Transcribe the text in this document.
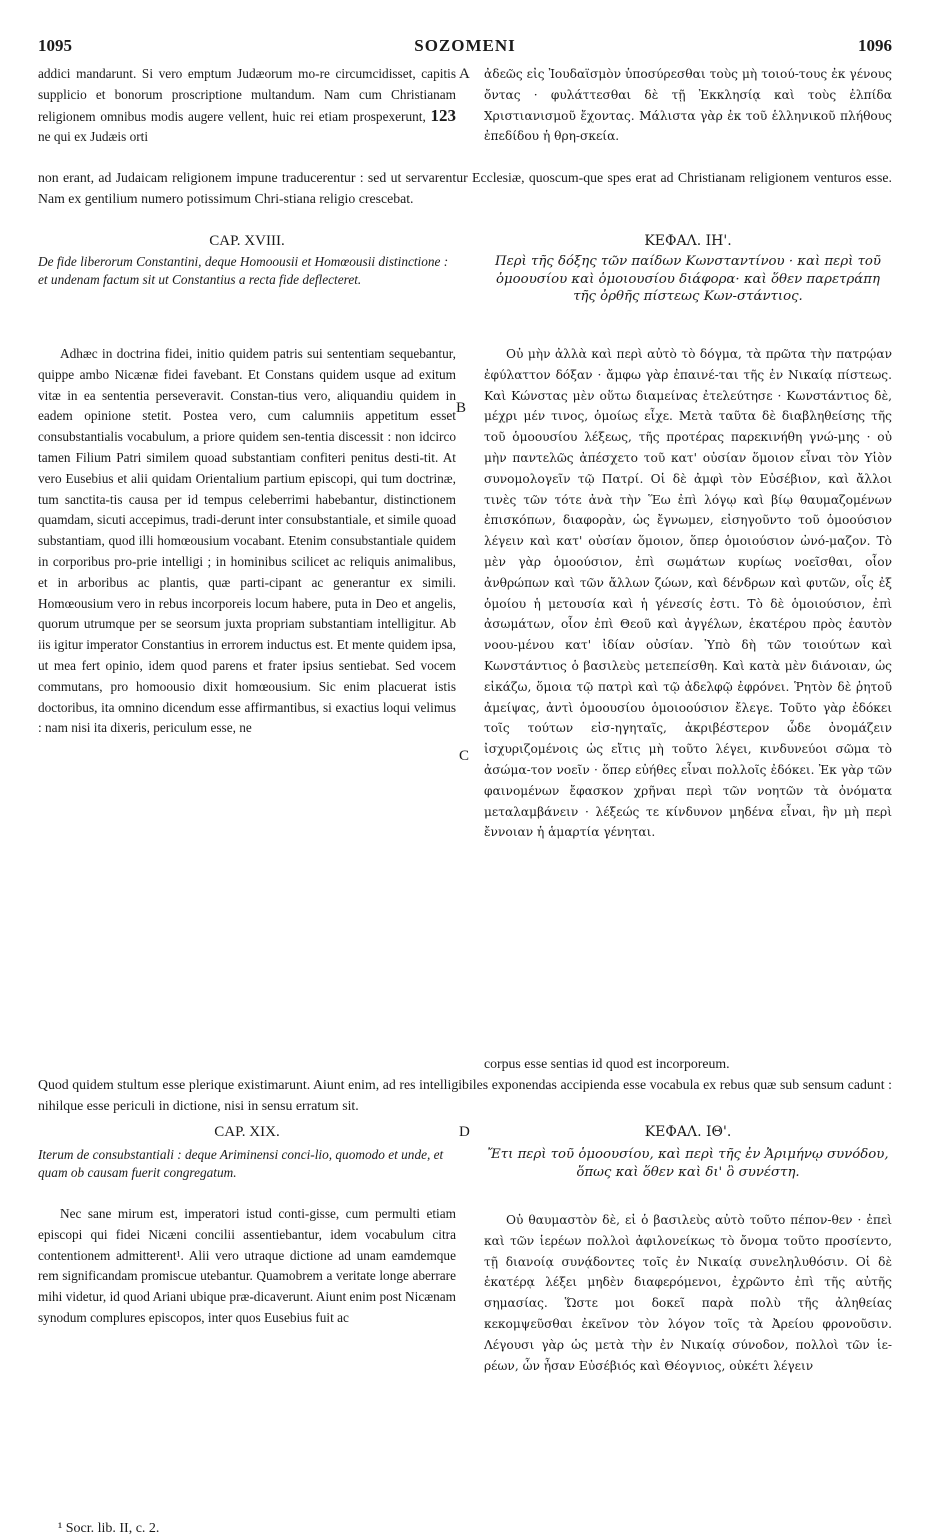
1095	SOZOMENI	1096
addici mandarunt. Si vero emptum Judæorum mo-re circumcidisset, capitis supplicio et bonorum proscriptione multandum. Nam cum Christianam religionem omnibus modis augere vellent, huic rei etiam prospexerunt, 123 ne qui ex Judæis orti
ἀδεῶς εἰς Ἰουδαϊσμὸν ὑποσύρεσθαι τοὺς μὴ τοιού-τους ἐκ γένους ὄντας · φυλάττεσθαι δὲ τῇ Ἐκκλησίᾳ καὶ τοὺς ἐλπίδα Χριστιανισμοῦ ἔχοντας. Μάλιστα γὰρ ἐκ τοῦ ἑλληνικοῦ πλήθους ἐπεδίδου ἡ θρη-σκεία.
non erant, ad Judaicam religionem impune traducerentur : sed ut servarentur Ecclesiæ, quoscum-que spes erat ad Christianam religionem venturos esse. Nam ex gentilium numero potissimum Chri-stiana religio crescebat.
A
B
C
D
CAP. XVIII.	ΚΕΦΑΛ. ΙΗ'.
De fide liberorum Constantini, deque Homoousii et Homœousii distinctione : et undenam factum sit ut Constantius a recta fide deflecteret.
Περὶ τῆς δόξης τῶν παίδων Κωνσταντίνου · καὶ περὶ τοῦ ὁμοουσίου καὶ ὁμοιουσίου διάφορα· καὶ ὅθεν παρετράπη τῆς ὀρθῆς πίστεως Κων-στάντιος.

Adhæc in doctrina fidei, initio quidem patris sui sententiam sequebantur, quippe ambo Nicænæ fidei favebant. Et Constans quidem usque ad exitum vitæ in ea sententia perseveravit. Constan-tius vero, aliquandiu quidem in eadem opinione stetit. Postea vero, cum calumniis appetitum esset consubstantialis vocabulum, a priore quidem sen-tentia discessit : non idcirco tamen Filium Patri similem quoad substantiam confiteri penitus desti-tit. At vero Eusebius et alii quidam Orientalium partium episcopi, qui tum doctrinæ, tum sanctita-tis causa per id tempus celeberrimi habebantur, distinctionem quamdam, sicuti accepimus, tradi-derunt inter consubstantiale, et simile quoad substantiam, quod illi homœousium vocabant. Etenim consubstantiale quidem in corporibus pro-prie intelligi ; in hominibus scilicet ac reliquis animalibus, et in arboribus ac plantis, quæ parti-cipant ac generantur ex simili. Homœousium vero in rebus incorporeis locum habere, puta in Deo et angelis, quorum utrumque per se seorsum juxta propriam substantiam intelligitur. Ab iis igitur imperator Constantius in errorem inductus est. Et mente quidem ipsa, ut mea fert opinio, idem quod parens et frater ipsius sentiebat. Sed vocem commutans, pro homoousio dixit homœousium. Sic enim placuerat istis doctoribus, ita omnino dicendum esse affirmantibus, si exactius loqui velimus : nam nisi ita dixeris, periculum esse, ne

Οὐ μὴν ἀλλὰ καὶ περὶ αὐτὸ τὸ δόγμα, τὰ πρῶτα τὴν πατρῴαν ἐφύλαττον δόξαν · ἄμφω γὰρ ἐπαινέ-ται τῆς ἐν Νικαίᾳ πίστεως. Καὶ Κώνστας μὲν οὕτω διαμείνας ἐτελεύτησε · Κωνστάντιος δὲ, μέχρι μέν τινος, ὁμοίως εἶχε. Μετὰ ταῦτα δὲ διαβληθείσης τῆς τοῦ ὁμοουσίου λέξεως, τῆς προτέρας παρεκινήθη γνώ-μης · οὐ μὴν παντελῶς ἀπέσχετο τοῦ κατ' οὐσίαν ὅμοιον εἶναι τὸν Υἱὸν συνομολογεῖν τῷ Πατρί. Οἱ δὲ ἀμφὶ τὸν Εὐσέβιον, καὶ ἄλλοι τινὲς τῶν τότε ἀνὰ τὴν Ἕω ἐπὶ λόγῳ καὶ βίῳ θαυμαζομένων ἐπισκόπων, διαφορὰν, ὡς ἔγνωμεν, εἰσηγοῦντο τοῦ ὁμοούσιον λέγειν καὶ κατ' οὐσίαν ὅμοιον, ὅπερ ὁμοιούσιον ὠνό-μαζον. Τὸ μὲν γὰρ ὁμοούσιον, ἐπὶ σωμάτων κυρίως νοεῖσθαι, οἷον ἀνθρώπων καὶ τῶν ἄλλων ζώων, καὶ δένδρων καὶ φυτῶν, οἷς ἐξ ὁμοίου ἡ μετουσία καὶ ἡ γένεσίς ἐστι. Τὸ δὲ ὁμοιούσιον, ἐπὶ ἀσωμάτων, οἷον ἐπὶ Θεοῦ καὶ ἀγγέλων, ἑκατέρου πρὸς ἑαυτὸν νοου-μένου κατ' ἰδίαν οὐσίαν. Ὑπὸ δὴ τῶν τοιούτων καὶ Κωνστάντιος ὁ βασιλεὺς μετεπείσθη. Καὶ κατὰ μὲν διάνοιαν, ὡς εἰκάζω, ὅμοια τῷ πατρὶ καὶ τῷ ἀδελφῷ ἐφρόνει. Ῥητὸν δὲ ῥητοῦ ἀμείψας, ἀντὶ ὁμοουσίου ὁμοιοούσιον ἔλεγε. Τοῦτο γὰρ ἐδόκει τοῖς τούτων εἰσ-ηγηταῖς, ἀκριβέστερον ὧδε ὀνομάζειν ἰσχυριζομένοις ὡς εἴτις μὴ τοῦτο λέγει, κινδυνεύοι σῶμα τὸ ἀσώμα-τον νοεῖν · ὅπερ εὐήθες εἶναι πολλοῖς ἐδόκει. Ἐκ γὰρ τῶν φαινομένων ἔφασκον χρῆναι περὶ τῶν νοητῶν τὰ ὀνόματα μεταλαμβάνειν · λέξεώς τε κίνδυνον μηδένα εἶναι, ἣν μὴ περὶ ἔννοιαν ἡ ἁμαρτία γένηται.

corpus esse sentias id quod est incorporeum.
Quod quidem stultum esse plerique existimarunt. Aiunt enim, ad res intelligibiles exponendas accipienda esse vocabula ex rebus quæ sub sensum cadunt : nihilque esse periculi in dictione, nisi in sensu erratum sit.
CAP. XIX.	ΚΕΦΑΛ. ΙΘ'.
Iterum de consubstantiali : deque Ariminensi conci-lio, quomodo et unde, et quam ob causam fuerit congregatum.
Ἔτι περὶ τοῦ ὁμοουσίου, καὶ περὶ τῆς ἐν Ἀριμήνῳ συνόδου, ὅπως καὶ ὅθεν καὶ δι' ὃ συνέστη.

Nec sane mirum est, imperatori istud conti-gisse, cum permulti etiam episcopi qui fidei Nicæni concilii assentiebantur, idem vocabulum citra contentionem admitterent¹. Alii vero utraque dictione ad unam eamdemque rem significandam promiscue utebantur. Quamobrem a veritate longe aberrare mihi videtur, id quod Ariani ubique præ-dicaverunt. Aiunt enim post Nicænam synodum complures episcopos, inter quos Eusebius fuit ac

Οὐ θαυμαστὸν δὲ, εἰ ὁ βασιλεὺς αὐτὸ τοῦτο πέπον-θεν · ἐπεὶ καὶ τῶν ἱερέων πολλοὶ ἀφιλονείκως τὸ ὄνομα τοῦτο προσίεντο, τῇ διανοίᾳ συνᾴδοντες τοῖς ἐν Νικαίᾳ συνεληλυθόσιν. Οἱ δὲ ἑκατέρᾳ λέξει μηδὲν διαφερόμενοι, ἐχρῶντο ἐπὶ τῆς αὐτῆς σημασίας. Ὥστε μοι δοκεῖ παρὰ πολὺ τῆς ἀληθείας κεκομψεῦσθαι ἐκεῖνον τὸν λόγον τοῖς τὰ Ἀρείου φρονοῦσιν. Λέγουσι γὰρ ὡς μετὰ τὴν ἐν Νικαίᾳ σύνοδον, πολλοὶ τῶν ἱε-ρέων, ὧν ἦσαν Εὐσέβιός καὶ Θέογνιος, οὐκέτι λέγειν

¹ Socr. lib. II, c. 2.
